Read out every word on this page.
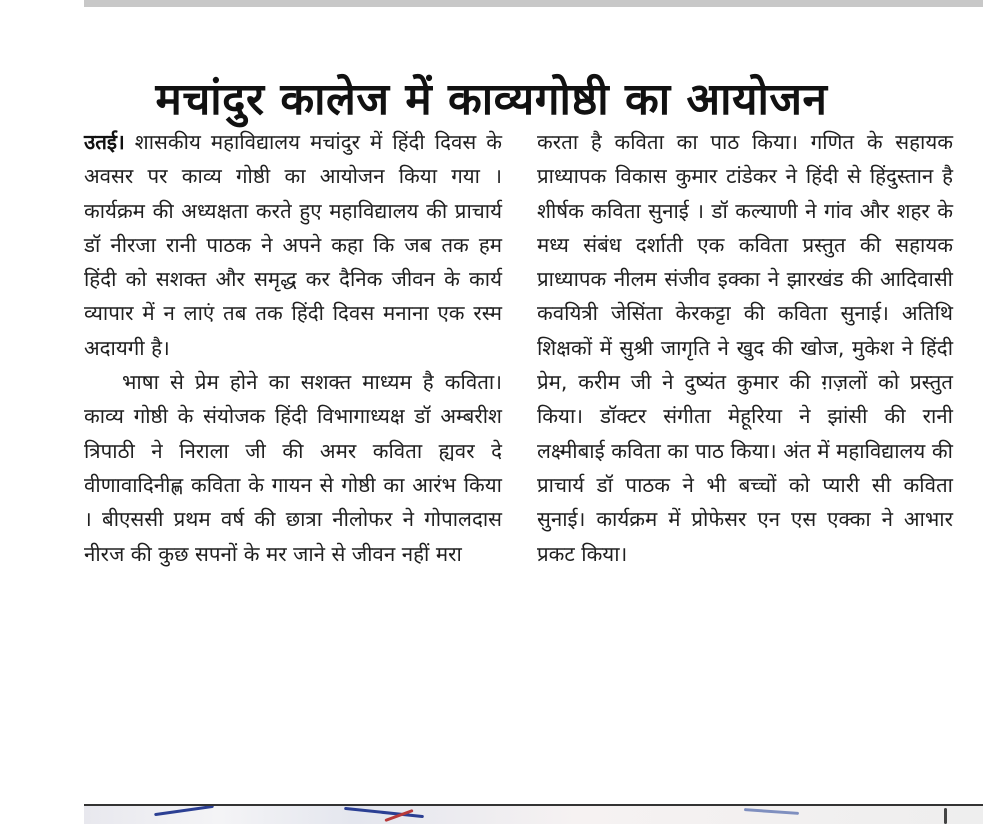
मचांदुर कालेज में काव्यगोष्ठी का आयोजन

उतई। शासकीय महाविद्यालय मचांदुर में हिंदी दिवस के अवसर पर काव्य गोष्ठी का आयोजन किया गया । कार्यक्रम की अध्यक्षता करते हुए महाविद्यालय की प्राचार्य डॉ नीरजा रानी पाठक ने अपने कहा कि जब तक हम हिंदी को सशक्त और समृद्ध कर दैनिक जीवन के कार्य व्यापार में न लाएं तब तक हिंदी दिवस मनाना एक रस्म अदायगी है।

भाषा से प्रेम होने का सशक्त माध्यम है कविता। काव्य गोष्ठी के संयोजक हिंदी विभागाध्यक्ष डॉ अम्बरीश त्रिपाठी ने निराला जी की अमर कविता ह्यवर दे वीणावादिनीह्ण कविता के गायन से गोष्ठी का आरंभ किया । बीएससी प्रथम वर्ष की छात्रा नीलोफर ने गोपालदास नीरज की कुछ सपनों के मर जाने से जीवन नहीं मरा

करता है कविता का पाठ किया। गणित के सहायक प्राध्यापक विकास कुमार टांडेकर ने हिंदी से हिंदुस्तान है शीर्षक कविता सुनाई । डॉ कल्याणी ने गांव और शहर के मध्य संबंध दर्शाती एक कविता प्रस्तुत की सहायक प्राध्यापक नीलम संजीव इक्का ने झारखंड की आदिवासी कवयित्री जेसिंता केरकट्टा की कविता सुनाई। अतिथि शिक्षकों में सुश्री जागृति ने खुद की खोज, मुकेश ने हिंदी प्रेम, करीम जी ने दुष्यंत कुमार की ग़ज़लों को प्रस्तुत किया। डॉक्टर संगीता मेहूरिया ने झांसी की रानी लक्ष्मीबाई कविता का पाठ किया। अंत में महाविद्यालय की प्राचार्य डॉ पाठक ने भी बच्चों को प्यारी सी कविता सुनाई। कार्यक्रम में प्रोफेसर एन एस एक्का ने आभार प्रकट किया।
